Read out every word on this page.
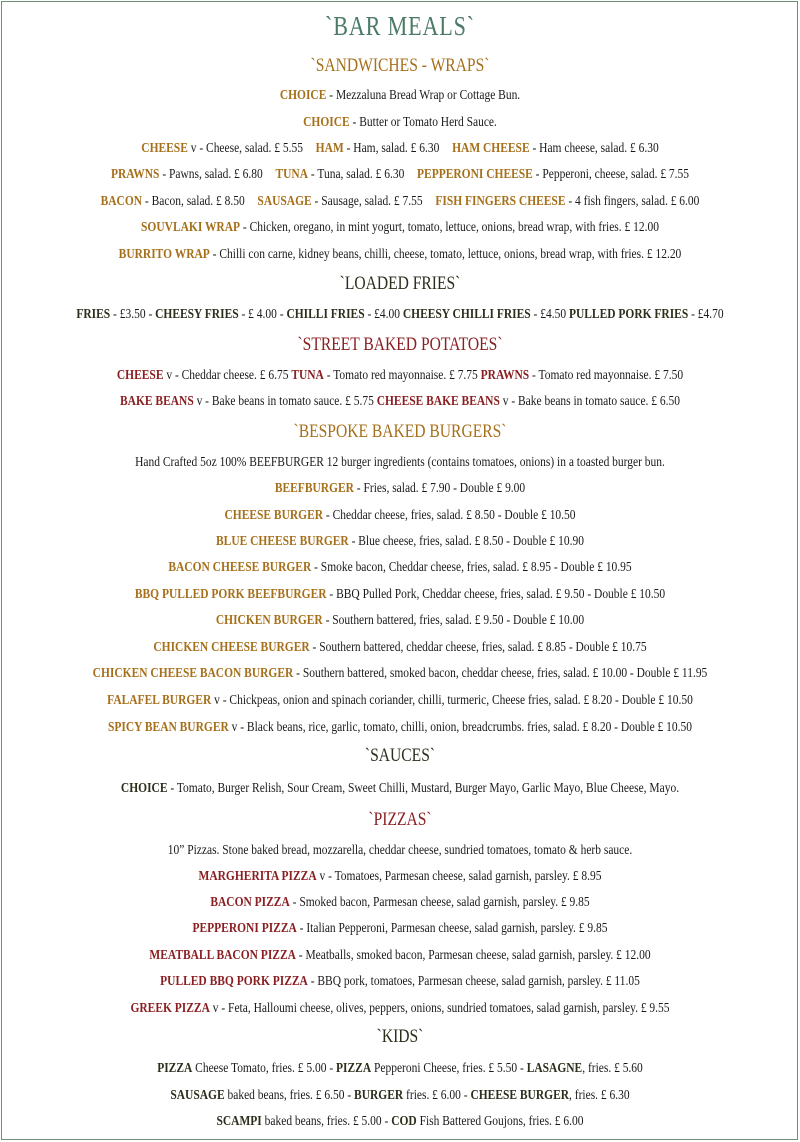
`BAR MEALS`
`SANDWICHES - WRAPS`
CHOICE - Mezzaluna Bread Wrap or Cottage Bun.
CHOICE - Butter or Tomato Herd Sauce.
CHEESE v - Cheese, salad. £ 5.55 HAM - Ham, salad. £ 6.30 HAM CHEESE - Ham cheese, salad. £ 6.30
PRAWNS - Pawns, salad. £ 6.80 TUNA - Tuna, salad. £ 6.30 PEPPERONI CHEESE - Pepperoni, cheese, salad. £ 7.55
BACON - Bacon, salad. £ 8.50 SAUSAGE - Sausage, salad. £ 7.55 FISH FINGERS CHEESE - 4 fish fingers, salad. £ 6.00
SOUVLAKI WRAP - Chicken, oregano, in mint yogurt, tomato, lettuce, onions, bread wrap, with fries. £ 12.00
BURRITO WRAP - Chilli con carne, kidney beans, chilli, cheese, tomato, lettuce, onions, bread wrap, with fries. £ 12.20
`LOADED FRIES`
FRIES - £3.50 - CHEESY FRIES - £ 4.00 - CHILLI FRIES - £4.00 CHEESY CHILLI FRIES - £4.50 PULLED PORK FRIES - £4.70
`STREET BAKED POTATOES`
CHEESE v - Cheddar cheese. £ 6.75 TUNA - Tomato red mayonnaise. £ 7.75 PRAWNS - Tomato red mayonnaise. £ 7.50
BAKE BEANS v - Bake beans in tomato sauce. £ 5.75 CHEESE BAKE BEANS v - Bake beans in tomato sauce. £ 6.50
`BESPOKE BAKED BURGERS`
Hand Crafted 5oz 100% BEEFBURGER 12 burger ingredients (contains tomatoes, onions) in a toasted burger bun.
BEEFBURGER - Fries, salad. £ 7.90 - Double £ 9.00
CHEESE BURGER - Cheddar cheese, fries, salad. £ 8.50 - Double £ 10.50
BLUE CHEESE BURGER - Blue cheese, fries, salad. £ 8.50 - Double £ 10.90
BACON CHEESE BURGER - Smoke bacon, Cheddar cheese, fries, salad. £ 8.95 - Double £ 10.95
BBQ PULLED PORK BEEFBURGER - BBQ Pulled Pork, Cheddar cheese, fries, salad. £ 9.50 - Double £ 10.50
CHICKEN BURGER - Southern battered, fries, salad. £ 9.50 - Double £ 10.00
CHICKEN CHEESE BURGER - Southern battered, cheddar cheese, fries, salad. £ 8.85 - Double £ 10.75
CHICKEN CHEESE BACON BURGER - Southern battered, smoked bacon, cheddar cheese, fries, salad. £ 10.00 - Double £ 11.95
FALAFEL BURGER v - Chickpeas, onion and spinach coriander, chilli, turmeric, Cheese fries, salad. £ 8.20 - Double £ 10.50
SPICY BEAN BURGER v - Black beans, rice, garlic, tomato, chilli, onion, breadcrumbs. fries, salad. £ 8.20 - Double £ 10.50
`SAUCES`
CHOICE - Tomato, Burger Relish, Sour Cream, Sweet Chilli, Mustard, Burger Mayo, Garlic Mayo, Blue Cheese, Mayo.
`PIZZAS`
10” Pizzas. Stone baked bread, mozzarella, cheddar cheese, sundried tomatoes, tomato & herb sauce.
MARGHERITA PIZZA v - Tomatoes, Parmesan cheese, salad garnish, parsley. £ 8.95
BACON PIZZA - Smoked bacon, Parmesan cheese, salad garnish, parsley. £ 9.85
PEPPERONI PIZZA - Italian Pepperoni, Parmesan cheese, salad garnish, parsley. £ 9.85
MEATBALL BACON PIZZA - Meatballs, smoked bacon, Parmesan cheese, salad garnish, parsley. £ 12.00
PULLED BBQ PORK PIZZA - BBQ pork, tomatoes, Parmesan cheese, salad garnish, parsley. £ 11.05
GREEK PIZZA v - Feta, Halloumi cheese, olives, peppers, onions, sundried tomatoes, salad garnish, parsley. £ 9.55
`KIDS`
PIZZA Cheese Tomato, fries. £ 5.00 - PIZZA Pepperoni Cheese, fries. £ 5.50 - LASAGNE, fries. £ 5.60
SAUSAGE baked beans, fries. £ 6.50 - BURGER fries. £ 6.00 - CHEESE BURGER, fries. £ 6.30
SCAMPI baked beans, fries. £ 5.00 - COD Fish Battered Goujons, fries. £ 6.00
